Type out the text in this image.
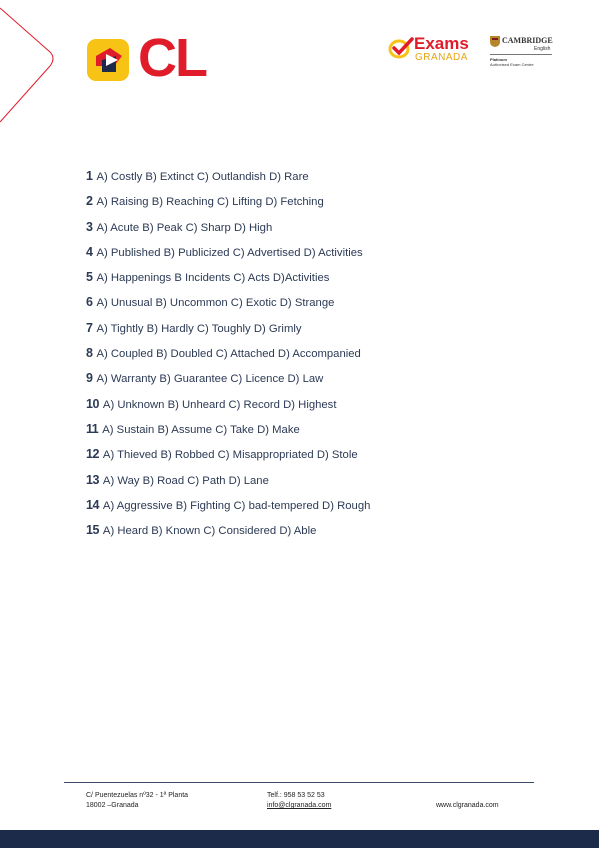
CL	Exams
GRANADA
CAMBRIDGE
English
Platinum
Authorised Exam Centre
1 A) Costly B) Extinct C) Outlandish D) Rare
2 A) Raising B) Reaching C) Lifting D) Fetching
3 A) Acute B) Peak C) Sharp D) High
4 A) Published B) Publicized C) Advertised D) Activities
5 A) Happenings B Incidents C) Acts D)Activities
6 A) Unusual B) Uncommon C) Exotic D) Strange
7 A) Tightly B) Hardly C) Toughly D) Grimly
8 A) Coupled B) Doubled C) Attached D) Accompanied
9 A) Warranty B) Guarantee C) Licence D) Law
10 A) Unknown B) Unheard C) Record D) Highest
11 A) Sustain B) Assume C) Take D) Make
12 A) Thieved B) Robbed C) Misappropriated D) Stole
13 A) Way B) Road C) Path D) Lane
14 A) Aggressive B) Fighting C) bad-tempered D) Rough
15 A) Heard B) Known C) Considered D) Able
C/ Puentezuelas nº32 - 1ª Planta
18002 –Granada
Telf.: 958 53 52 53
info@clgranada.com	www.clgranada.com
